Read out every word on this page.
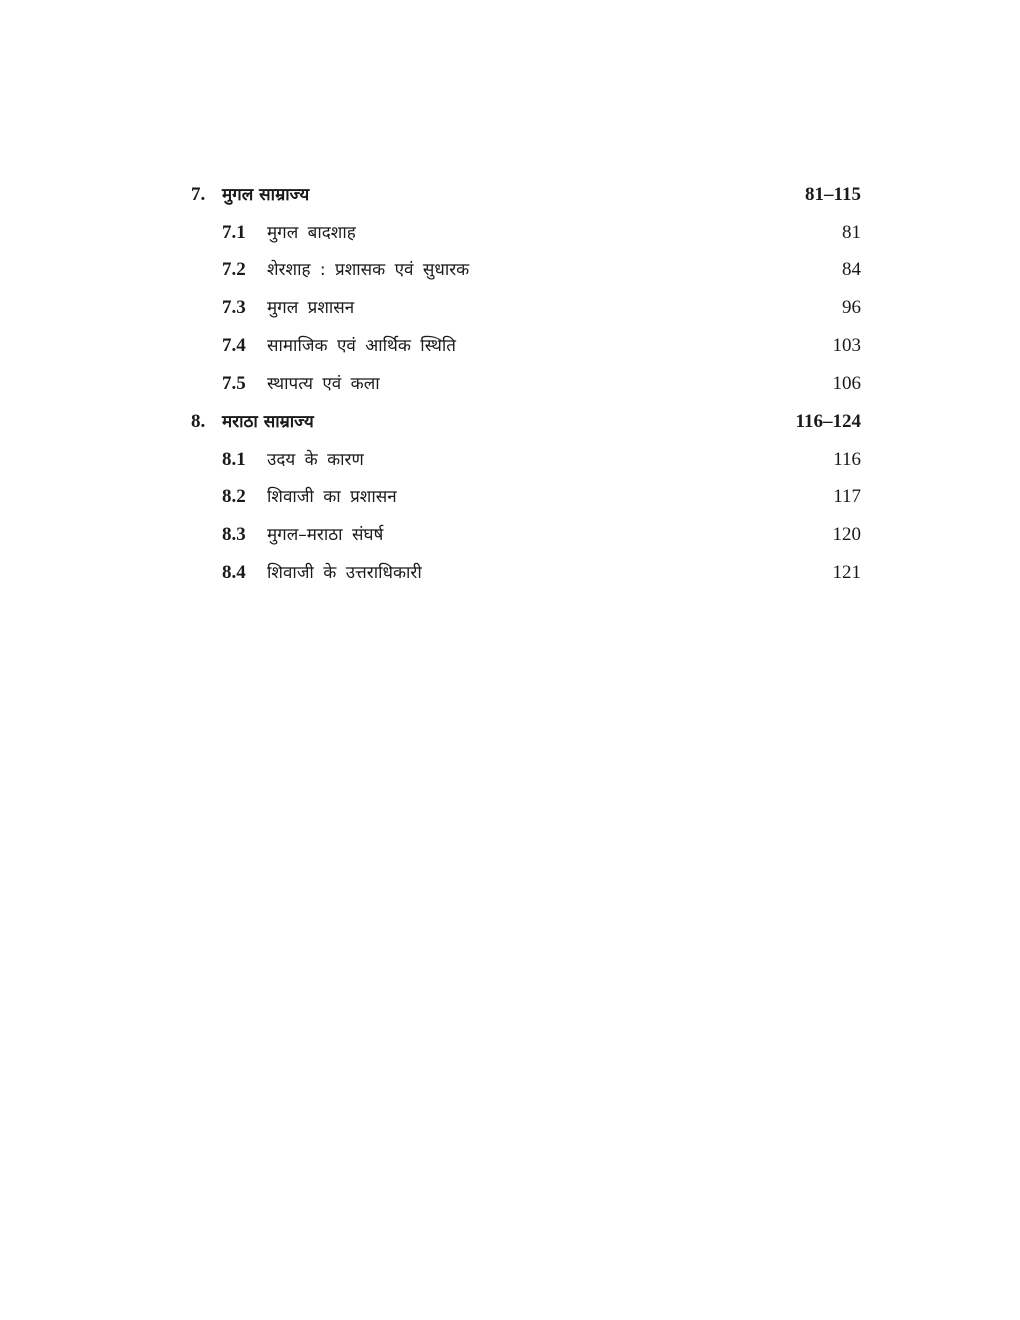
7. मुगल साम्राज्य	81–115
7.1 मुगल बादशाह	81
7.2 शेरशाह : प्रशासक एवं सुधारक	84
7.3 मुगल प्रशासन	96
7.4 सामाजिक एवं आर्थिक स्थिति	103
7.5 स्थापत्य एवं कला	106
8. मराठा साम्राज्य	116–124
8.1 उदय के कारण	116
8.2 शिवाजी का प्रशासन	117
8.3 मुगल–मराठा संघर्ष	120
8.4 शिवाजी के उत्तराधिकारी	121
